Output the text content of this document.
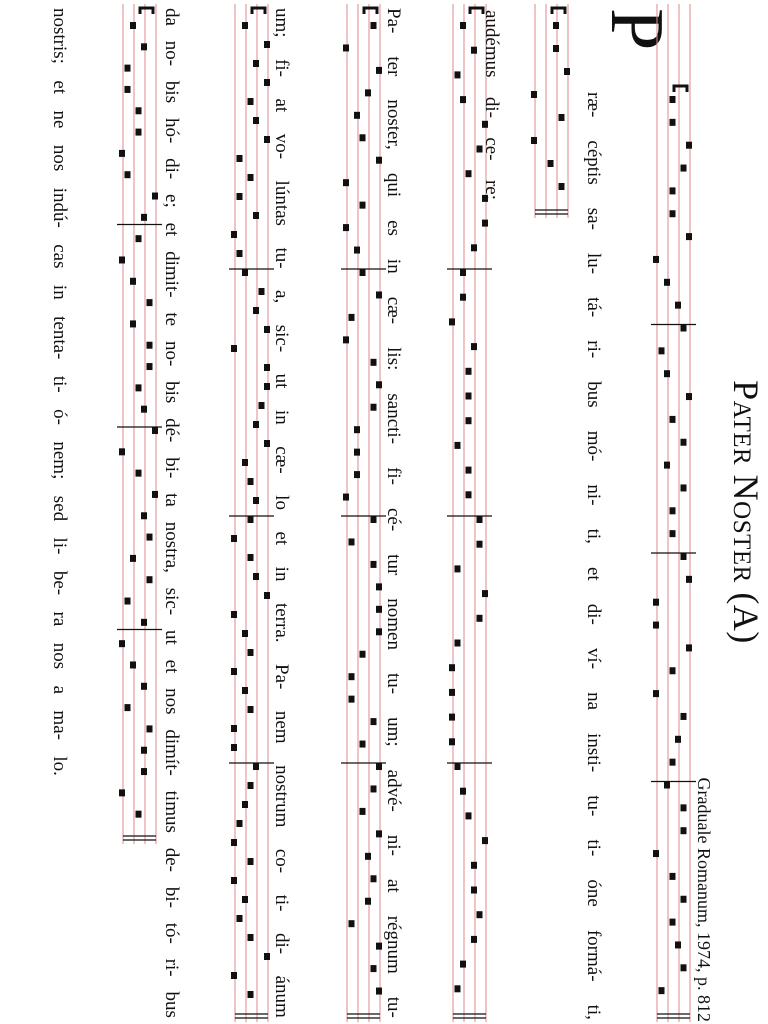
Pater Noster (A)
Graduale Romanum, 1974, p. 812
P
ræ-
céptis
sa-
lu-
tá-
ri-
bus
mó-
ni-
ti,
et
di-
ví-
na
insti-
tu-
ti-
óne
formá-
ti,
audémus
di-
ce-
re:
Pa-
ter
noster,
qui
es
in
cæ-
lis:
sancti-
fi-
cé-
tur
nomen
tu-
um;
advé-
ni-
at
régnum
tu-
um;
fi-
at
vo-
lúntas
tu-
a,
sic-
ut
in
cæ-
lo
et
in
terra.
Pa-
nem
nostrum
co-
ti-
di-
ánum
da
no-
bis
hó-
di-
e;
et
dimit-
te
no-
bis
dé-
bi-
ta
nostra,
sic-
ut
et
nos
dimít-
timus
de-
bi-
tó-
ri-
bus
nostris;
et
ne
nos
indú-
cas
in
tenta-
ti-
ó-
nem;
sed
li-
be-
ra
nos
a
ma-
lo.
